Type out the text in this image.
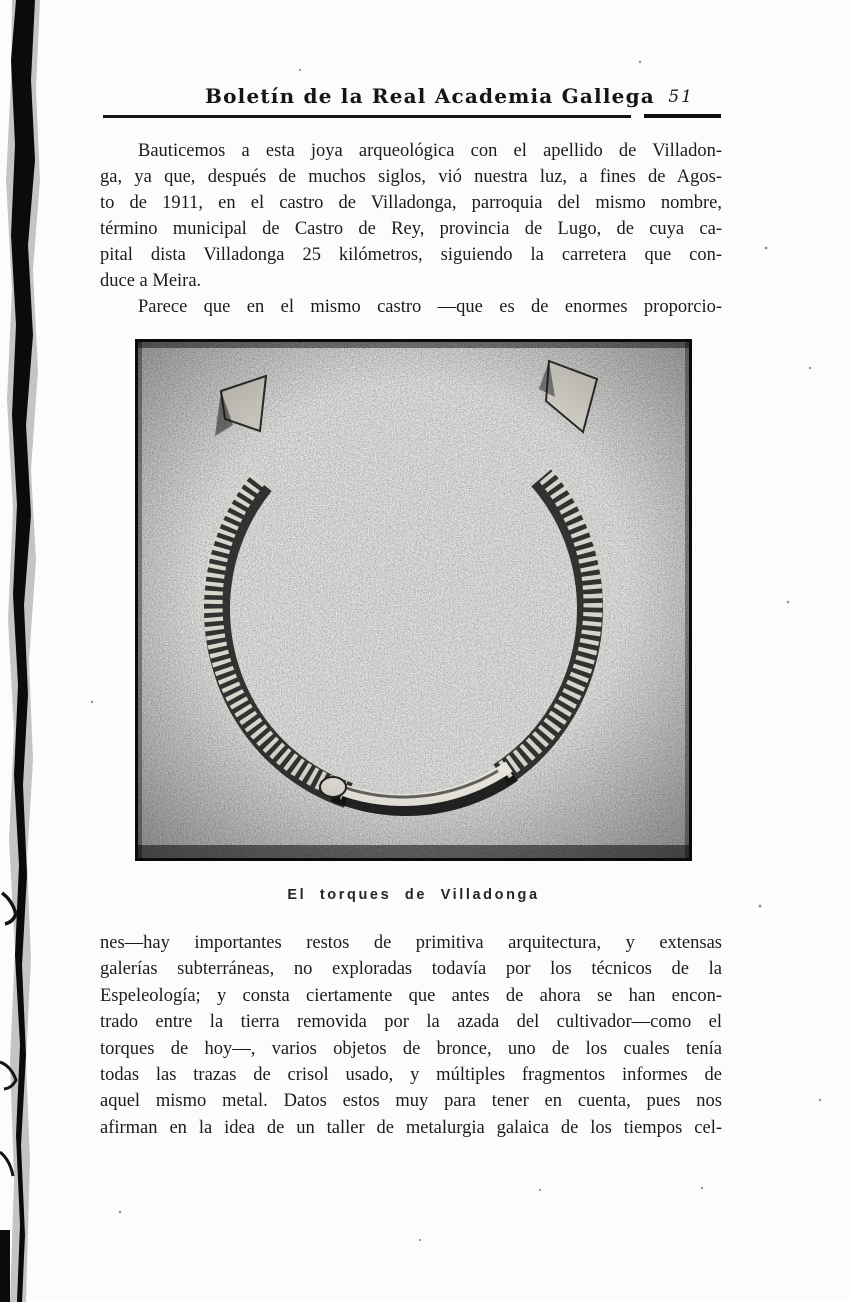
Boletín de la Real Academia Gallega 51
Bauticemos a esta joya arqueológica con el apellido de Villadon-
ga, ya que, después de muchos siglos, vió nuestra luz, a fines de Agos-
to de 1911, en el castro de Villadonga, parroquia del mismo nombre,
término municipal de Castro de Rey, provincia de Lugo, de cuya ca-
pital dista Villadonga 25 kilómetros, siguiendo la carretera que con-
duce a Meira.
Parece que en el mismo castro —que es de enormes proporcio-
El torques de Villadonga
nes—hay importantes restos de primitiva arquitectura, y extensas
galerías subterráneas, no exploradas todavía por los técnicos de la
Espeleología; y consta ciertamente que antes de ahora se han encon-
trado entre la tierra removida por la azada del cultivador—como el
torques de hoy—, varios objetos de bronce, uno de los cuales tenía
todas las trazas de crisol usado, y múltiples fragmentos informes de
aquel mismo metal. Datos estos muy para tener en cuenta, pues nos
afirman en la idea de un taller de metalurgia galaica de los tiempos cel-
